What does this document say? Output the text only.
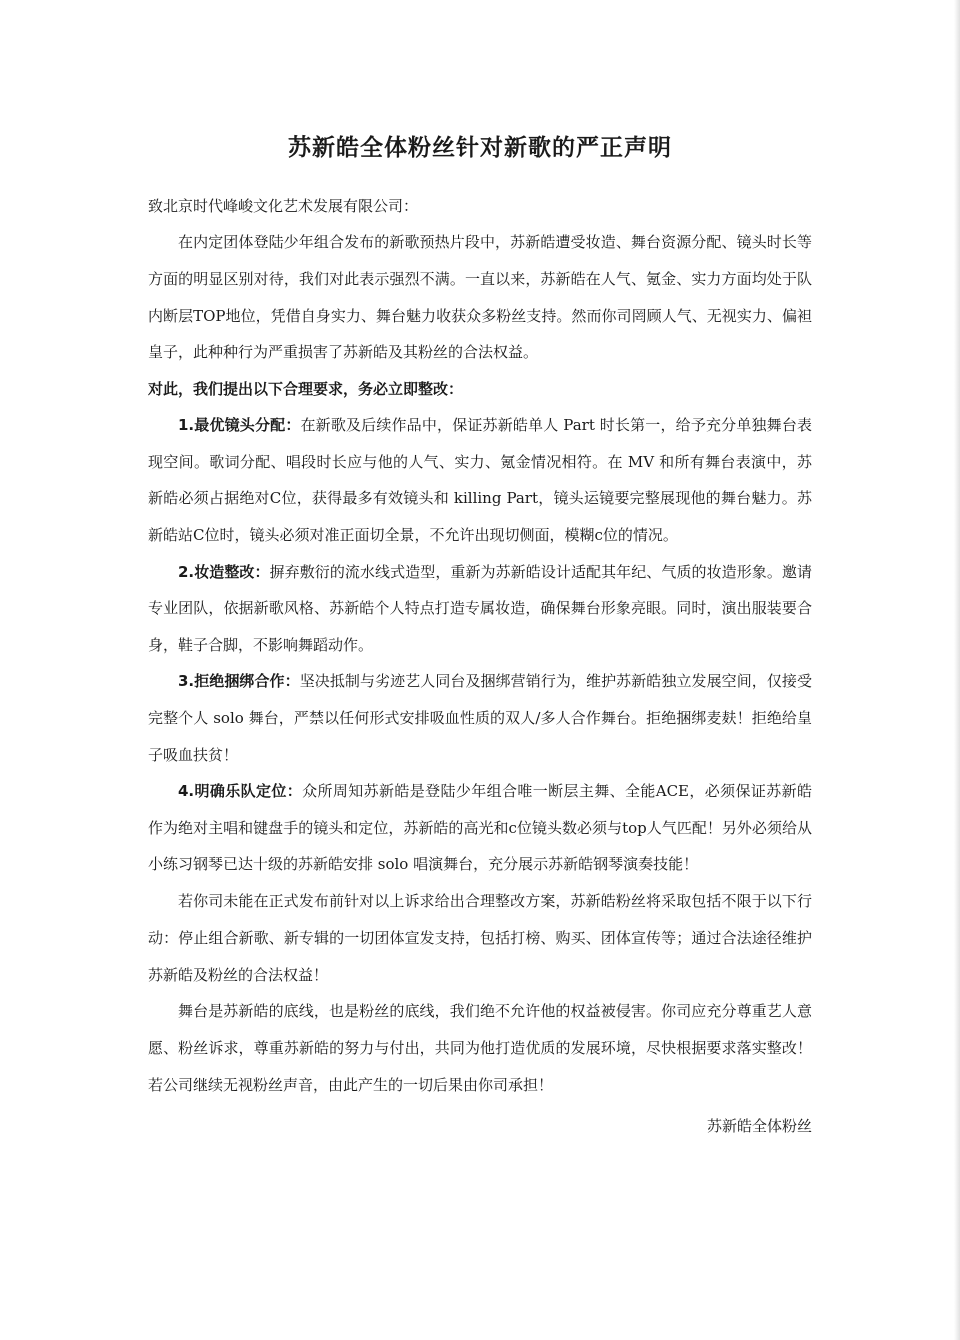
苏新皓全体粉丝针对新歌的严正声明

致北京时代峰峻文化艺术发展有限公司：

在内定团体登陆少年组合发布的新歌预热片段中，苏新皓遭受妆造、舞台资源分配、镜头时长等方面的明显区别对待，我们对此表示强烈不满。一直以来，苏新皓在人气、氪金、实力方面均处于队内断层TOP地位，凭借自身实力、舞台魅力收获众多粉丝支持。然而你司罔顾人气、无视实力、偏袒皇子，此种种行为严重损害了苏新皓及其粉丝的合法权益。

对此，我们提出以下合理要求，务必立即整改：

1.最优镜头分配：在新歌及后续作品中，保证苏新皓单人 Part 时长第一，给予充分单独舞台表现空间。歌词分配、唱段时长应与他的人气、实力、氪金情况相符。在 MV 和所有舞台表演中，苏新皓必须占据绝对C位，获得最多有效镜头和 killing Part，镜头运镜要完整展现他的舞台魅力。苏新皓站C位时，镜头必须对准正面切全景，不允许出现切侧面，模糊c位的情况。

2.妆造整改：摒弃敷衍的流水线式造型，重新为苏新皓设计适配其年纪、气质的妆造形象。邀请专业团队，依据新歌风格、苏新皓个人特点打造专属妆造，确保舞台形象亮眼。同时，演出服装要合身，鞋子合脚，不影响舞蹈动作。

3.拒绝捆绑合作：坚决抵制与劣迹艺人同台及捆绑营销行为，维护苏新皓独立发展空间，仅接受完整个人 solo 舞台，严禁以任何形式安排吸血性质的双人/多人合作舞台。拒绝捆绑麦麸！拒绝给皇子吸血扶贫！

4.明确乐队定位：众所周知苏新皓是登陆少年组合唯一断层主舞、全能ACE，必须保证苏新皓作为绝对主唱和键盘手的镜头和定位，苏新皓的高光和c位镜头数必须与top人气匹配！另外必须给从小练习钢琴已达十级的苏新皓安排 solo 唱演舞台，充分展示苏新皓钢琴演奏技能！

若你司未能在正式发布前针对以上诉求给出合理整改方案，苏新皓粉丝将采取包括不限于以下行动：停止组合新歌、新专辑的一切团体宣发支持，包括打榜、购买、团体宣传等；通过合法途径维护苏新皓及粉丝的合法权益！

舞台是苏新皓的底线，也是粉丝的底线，我们绝不允许他的权益被侵害。你司应充分尊重艺人意愿、粉丝诉求，尊重苏新皓的努力与付出，共同为他打造优质的发展环境，尽快根据要求落实整改！若公司继续无视粉丝声音，由此产生的一切后果由你司承担！

苏新皓全体粉丝
